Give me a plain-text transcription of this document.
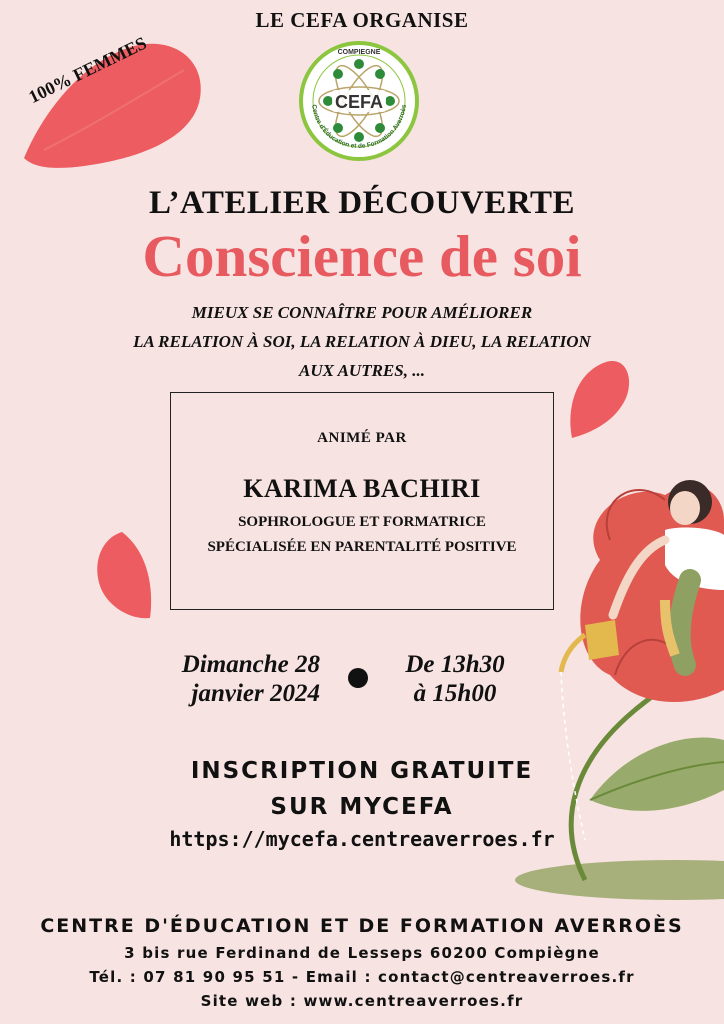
LE CEFA ORGANISE
CEFA
COMPIEGNE
Centre d'Éducation et de Formation Averroès
100% FEMMES
L’ATELIER DÉCOUVERTE
Conscience de soi
MIEUX SE CONNAÎTRE POUR AMÉLIORER
LA RELATION À SOI, LA RELATION À DIEU, LA RELATION
AUX AUTRES, ...
ANIMÉ PAR
KARIMA BACHIRI
SOPHROLOGUE ET FORMATRICE
SPÉCIALISÉE EN PARENTALITÉ POSITIVE
Dimanche 28
janvier 2024
De 13h30
à 15h00
INSCRIPTION GRATUITE
SUR MYCEFA
https://mycefa.centreaverroes.fr
CENTRE D'ÉDUCATION ET DE FORMATION AVERROÈS
3 bis rue Ferdinand de Lesseps 60200 Compiègne
Tél. : 07 81 90 95 51 - Email : contact@centreaverroes.fr
Site web : www.centreaverroes.fr
